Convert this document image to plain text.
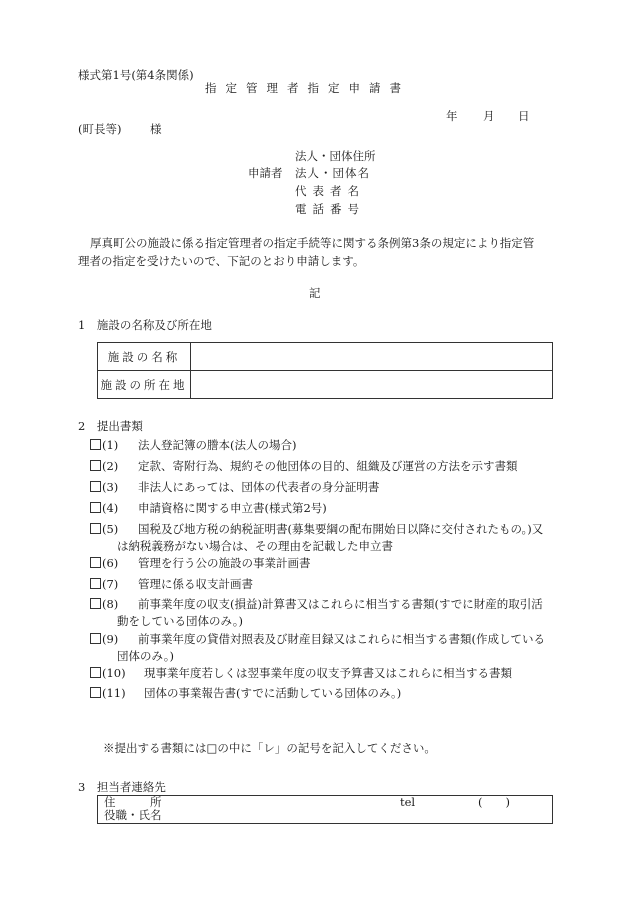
様式第1号(第4条関係)
指定管理者指定申請書
年 月 日
(町長等) 様
法人・団体住所
申請者 法人・団体名
代表者名
電話番号
厚真町公の施設に係る指定管理者の指定手続等に関する条例第3条の規定により指定管
理者の指定を受けたいので、下記のとおり申請します。
記
1　施設の名称及び所在地
施設の名称	
施設の所在地	
2　提出書類
(1) 法人登記簿の謄本(法人の場合)
(2) 定款、寄附行為、規約その他団体の目的、組織及び運営の方法を示す書類
(3) 非法人にあっては、団体の代表者の身分証明書
(4) 申請資格に関する申立書(様式第2号)
(5) 国税及び地方税の納税証明書(募集要綱の配布開始日以降に交付されたもの。)又
は納税義務がない場合は、その理由を記載した申立書
(6) 管理を行う公の施設の事業計画書
(7) 管理に係る収支計画書
(8) 前事業年度の収支(損益)計算書又はこれらに相当する書類(すでに財産的取引活
動をしている団体のみ。)
(9) 前事業年度の貸借対照表及び財産目録又はこれらに相当する書類(作成している
団体のみ。)
(10) 現事業年度若しくは翌事業年度の収支予算書又はこれらに相当する書類
(11) 団体の事業報告書(すでに活動している団体のみ。)
※提出する書類には□の中に「レ」の記号を記入してください。
3　担当者連絡先
住　　　所	tel	(　　)
役職・氏名
